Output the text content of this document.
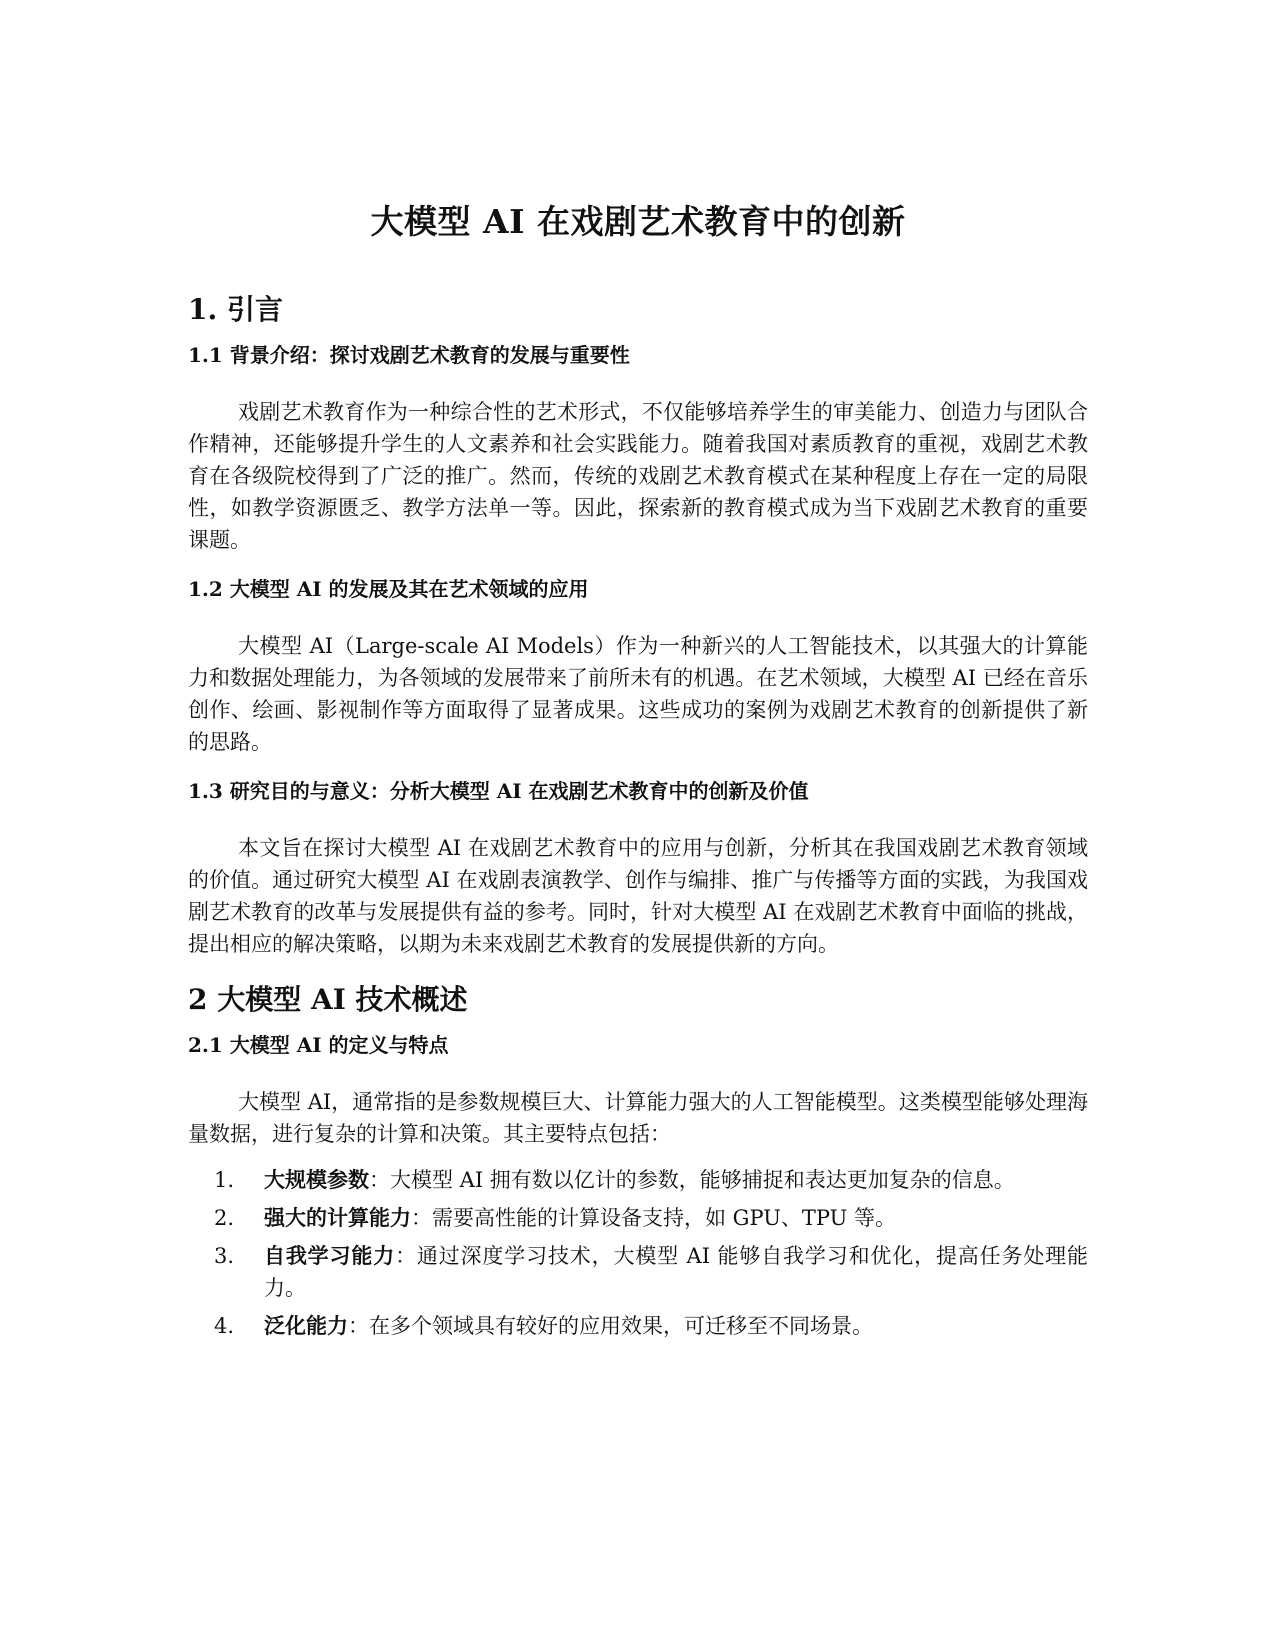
大模型 AI 在戏剧艺术教育中的创新
1. 引言
1.1 背景介绍：探讨戏剧艺术教育的发展与重要性

戏剧艺术教育作为一种综合性的艺术形式，不仅能够培养学生的审美能力、创造力与团队合作精神，还能够提升学生的人文素养和社会实践能力。随着我国对素质教育的重视，戏剧艺术教育在各级院校得到了广泛的推广。然而，传统的戏剧艺术教育模式在某种程度上存在一定的局限性，如教学资源匮乏、教学方法单一等。因此，探索新的教育模式成为当下戏剧艺术教育的重要课题。

1.2 大模型 AI 的发展及其在艺术领域的应用

大模型 AI（Large-scale AI Models）作为一种新兴的人工智能技术，以其强大的计算能力和数据处理能力，为各领域的发展带来了前所未有的机遇。在艺术领域，大模型 AI 已经在音乐创作、绘画、影视制作等方面取得了显著成果。这些成功的案例为戏剧艺术教育的创新提供了新的思路。

1.3 研究目的与意义：分析大模型 AI 在戏剧艺术教育中的创新及价值

本文旨在探讨大模型 AI 在戏剧艺术教育中的应用与创新，分析其在我国戏剧艺术教育领域的价值。通过研究大模型 AI 在戏剧表演教学、创作与编排、推广与传播等方面的实践，为我国戏剧艺术教育的改革与发展提供有益的参考。同时，针对大模型 AI 在戏剧艺术教育中面临的挑战，提出相应的解决策略，以期为未来戏剧艺术教育的发展提供新的方向。

2 大模型 AI 技术概述
2.1 大模型 AI 的定义与特点

大模型 AI，通常指的是参数规模巨大、计算能力强大的人工智能模型。这类模型能够处理海量数据，进行复杂的计算和决策。其主要特点包括：

1. 大规模参数：大模型 AI 拥有数以亿计的参数，能够捕捉和表达更加复杂的信息。
2. 强大的计算能力：需要高性能的计算设备支持，如 GPU、TPU 等。
3. 自我学习能力：通过深度学习技术，大模型 AI 能够自我学习和优化，提高任务处理能力。
4. 泛化能力：在多个领域具有较好的应用效果，可迁移至不同场景。
